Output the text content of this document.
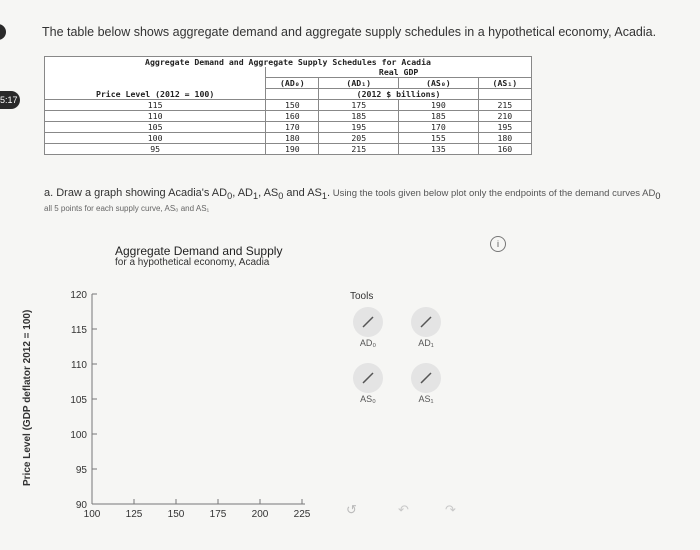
5:17
The table below shows aggregate demand and aggregate supply schedules in a hypothetical economy, Acadia.
Aggregate Demand and Aggregate Supply Schedules for Acadia				
	Real GDP			
	(AD₀)	(AD₁)	(AS₀)	(AS₁)
Price Level (2012 = 100)		(2012 $ billions)		
115	150	175	190	215
110	160	185	185	210
105	170	195	170	195
100	180	205	155	180
95	190	215	135	160
a. Draw a graph showing Acadia's $AD_0$, $AD_1$, $AS_0$ and $AS_1$. Using the tools given below plot only the endpoints of the demand curves $AD_0$
all 5 points for each supply curve, AS₀ and AS₁
i
Aggregate Demand and Supply
for a hypothetical economy, Acadia
Price Level (GDP deflator 2012 = 100)
120
115
110
105
100
95
90
100	125	150	175	200	225
Tools
AD₀	AD₁
AS₀	AS₁
↺	↶	↷
